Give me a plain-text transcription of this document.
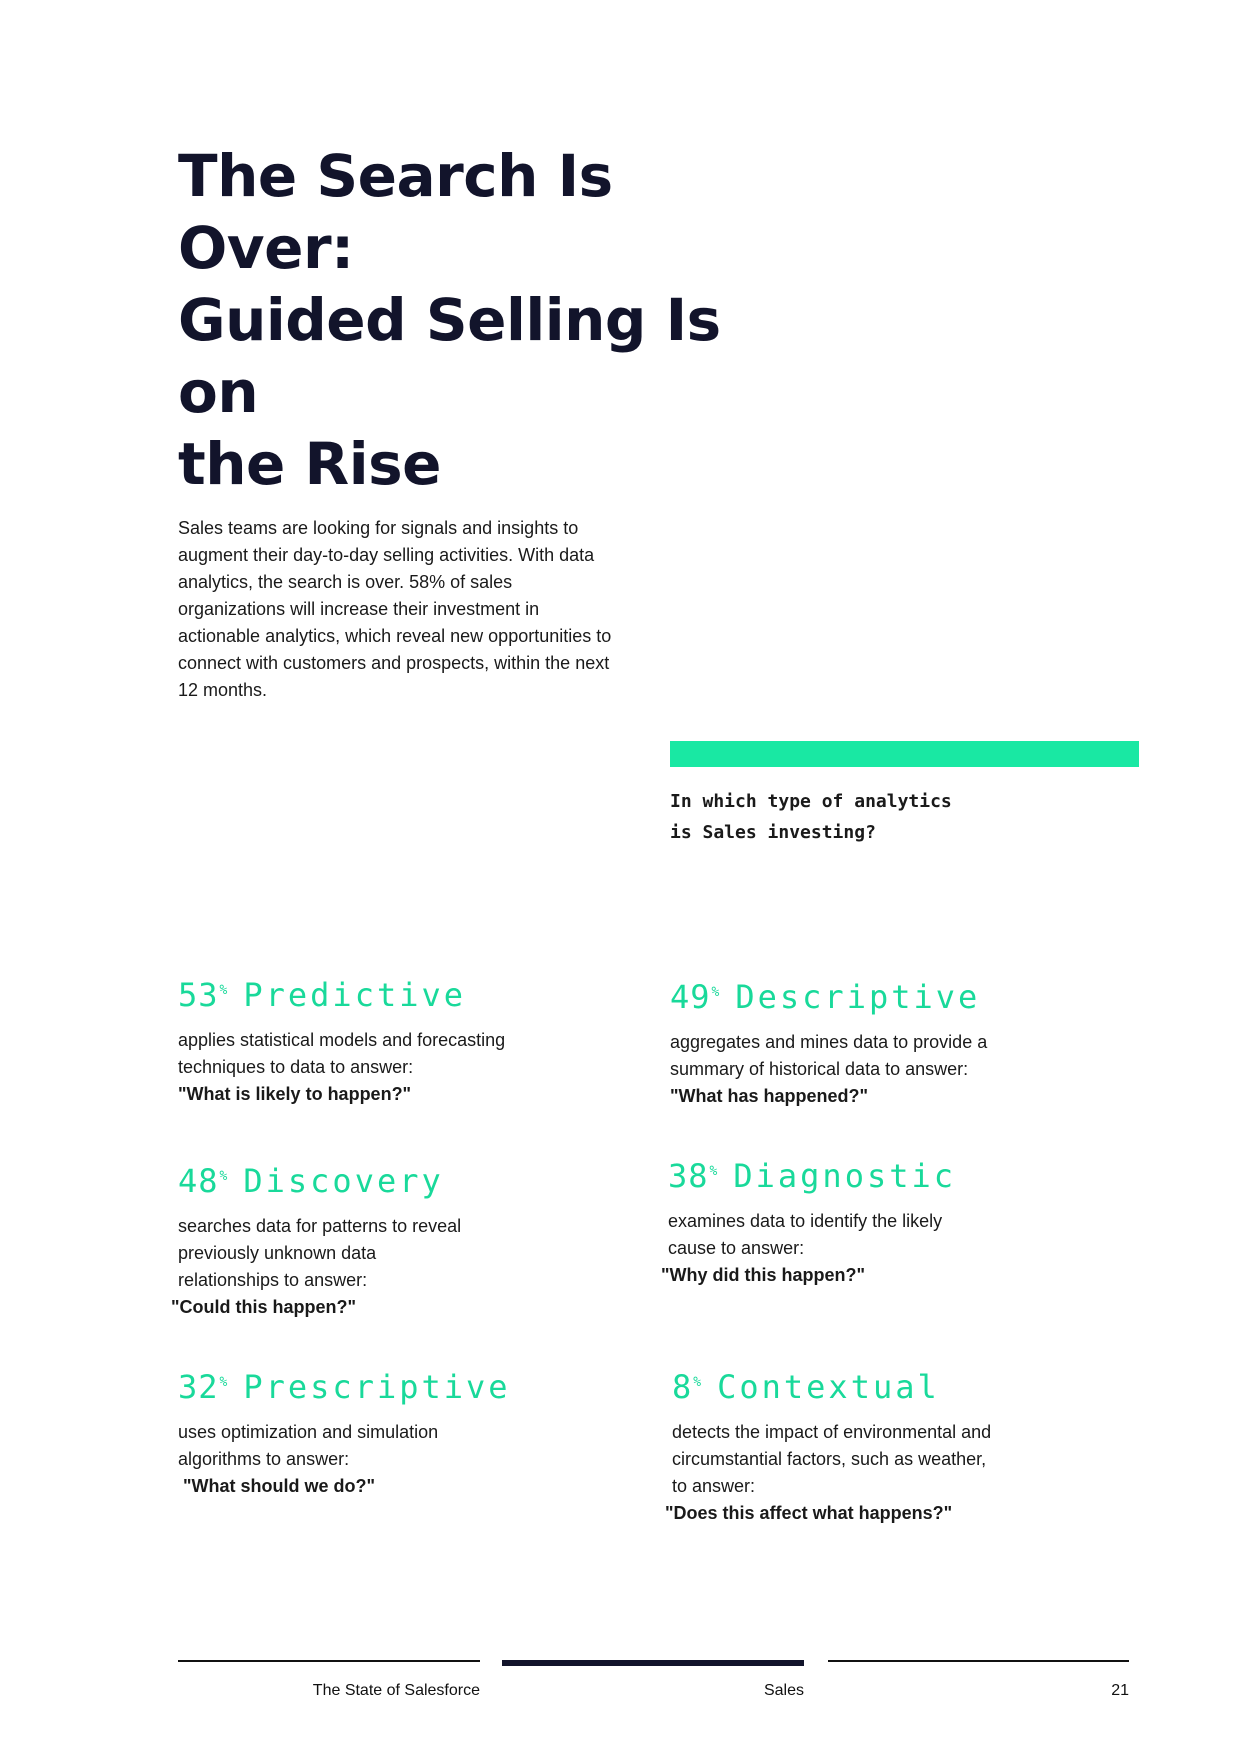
The Search Is Over:
Guided Selling Is on
the Rise

Sales teams are looking for signals and insights to augment their day-to-day selling activities. With data analytics, the search is over. 58% of sales organizations will increase their investment in actionable analytics, which reveal new opportunities to connect with customers and prospects, within the next 12 months.

In which type of analytics is Sales investing?

53% Predictive

applies statistical models and forecasting techniques to data to answer:
"What is likely to happen?"

49% Descriptive

aggregates and mines data to provide a summary of historical data to answer:
"What has happened?"

48% Discovery

searches data for patterns to reveal previously unknown data relationships to answer:
"Could this happen?"

38% Diagnostic

examines data to identify the likely cause to answer:
"Why did this happen?"

32% Prescriptive

uses optimization and simulation algorithms to answer:
"What should we do?"

8% Contextual

detects the impact of environmental and circumstantial factors, such as weather, to answer:
"Does this affect what happens?"

The State of Salesforce	Sales	21
